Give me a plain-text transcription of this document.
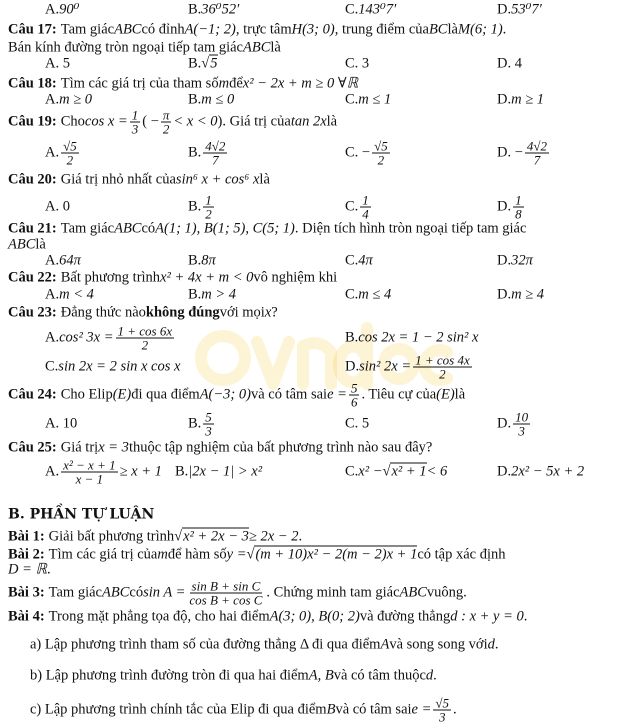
A. 90⁰	B. 36⁰52′	C. 143⁰7′	D. 53⁰7′
Câu 17: Tam giác ABC có đỉnh A(−1; 2) , trực tâm H(3; 0) , trung điểm của BC là M(6; 1) .
Bán kính đường tròn ngoại tiếp tam giác ABC là
A. 5	B. √5	C. 3	D. 4
Câu 18: Tìm các giá trị của tham số m để x² − 2x + m ≥ 0 ∀ℝ
A. m ≥ 0	B. m ≤ 0	C. m ≤ 1	D. m ≥ 1
Câu 19: Cho $\cos x = \frac{1}{3}$ ( − $\frac{\pi}{2} < x < 0$ ). Giá trị của tan 2x là
A. $\frac{√5}{2}$	B. $\frac{4√2}{7}$	C. − $\frac{√5}{2}$	D. − $\frac{4√2}{7}$
Câu 20: Giá trị nhỏ nhất của sin⁶ x + cos⁶ x là
A. 0	B. $\frac{1}{2}$	C. $\frac{1}{4}$	D. $\frac{1}{8}$
Câu 21: Tam giác ABC có A(1; 1), B(1; 5), C(5; 1) . Diện tích hình tròn ngoại tiếp tam giác
ABC là
A. 64π	B. 8π	C. 4π	D. 32π
Câu 22: Bất phương trình x² + 4x + m < 0 vô nghiệm khi
A. m < 4	B. m > 4	C. m ≤ 4	D. m ≥ 4
Câu 23: Đẳng thức nào không đúng với mọi x ?
A. cos² $3x = \frac{1 + \cos 6x}{2}$	B. cos 2x = 1 − 2 sin² x
C. sin 2x = 2 sin x cos x	D. sin² $2x = \frac{1 + \cos 4x}{2}$
Câu 24: Cho Elip (E) đi qua điểm A(−3; 0) và có tâm sai $e = \frac{5}{6}$ . Tiêu cự của (E) là
A. 10	B. $\frac{5}{3}$	C. 5	D. $\frac{10}{3}$
Câu 25: Giá trị x = 3 thuộc tập nghiệm của bất phương trình nào sau đây?
A. $\frac{\text{x² − x + 1}}{x - 1} \ge x + 1$ B. |2x − 1| > x²	C. x² − √x² + 1 < 6	D. 2x² − 5x + 2
B. PHẦN TỰ LUẬN
Bài 1: Giải bất phương trình √x² + 2x − 3 ≥ 2x − 2 .
Bài 2: Tìm các giá trị của m để hàm số y = √(m + 10)x² − 2(m − 2)x + 1 có tập xác định
D = ℝ .
Bài 3: Tam giác ABC có $\sin A = \frac{\text{sin B + sin C}}{\text{cos B + cos C}}$ . Chứng minh tam giác ABC vuông.
Bài 4: Trong mặt phẳng tọa độ, cho hai điểm A(3; 0), B(0; 2) và đường thẳng d : x + y = 0 .
a) Lập phương trình tham số của đường thẳng Δ đi qua điểm A và song song với d .
b) Lập phương trình đường tròn đi qua hai điểm A, B và có tâm thuộc d .
c) Lập phương trình chính tắc của Elip đi qua điểm B và có tâm sai $e = \frac{√5}{3}$ .
